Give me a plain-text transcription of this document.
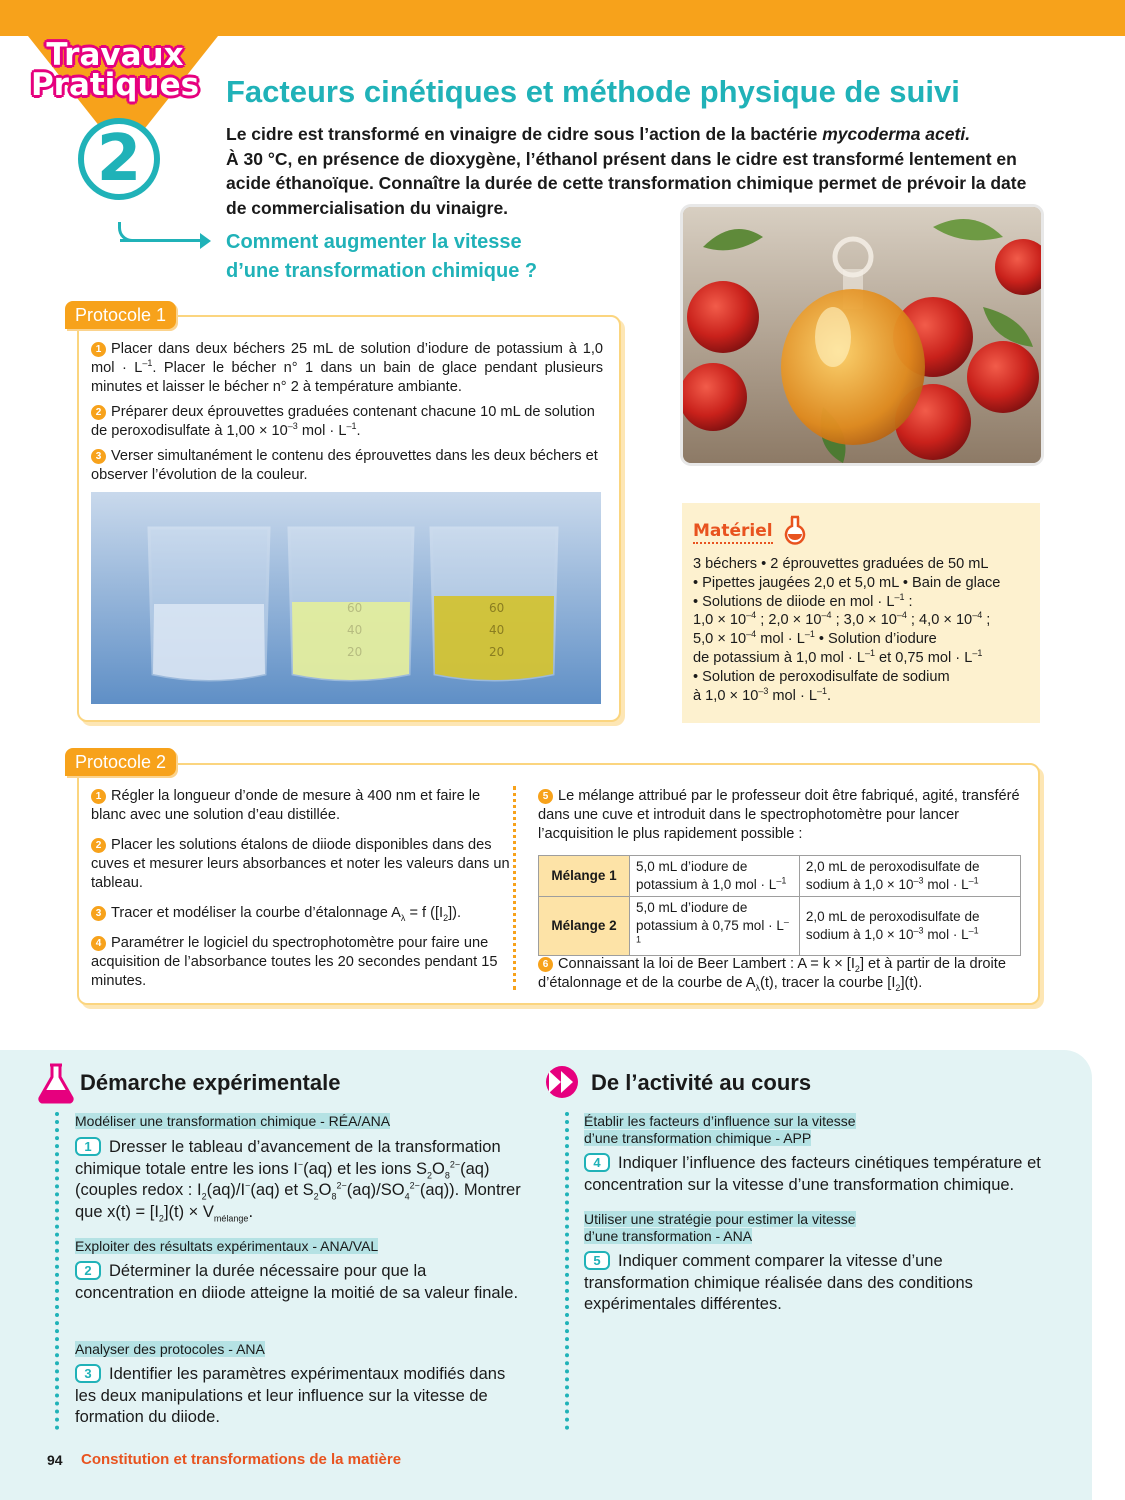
Travaux
Pratiques
2
Facteurs cinétiques et méthode physique de suivi
Le cidre est transformé en vinaigre de cidre sous l’action de la bactérie mycoderma aceti.
À 30 °C, en présence de dioxygène, l’éthanol présent dans le cidre est transformé lentement en acide éthanoïque. Connaître la durée de cette transformation chimique permet de prévoir la date de commercialisation du vinaigre.
Comment augmenter la vitesse
d’une transformation chimique ?
Protocole 1
1 Placer dans deux béchers 25 mL de solution d’iodure de potassium à 1,0 mol · $L^{-1}$. Placer le bécher n° 1 dans un bain de glace pendant plusieurs minutes et laisser le bécher n° 2 à température ambiante.
2 Préparer deux éprouvettes graduées contenant chacune 10 mL de solution de peroxodisulfate à $1,00 \times 10^{-3}$ mol · $L^{-1}$.
3 Verser simultanément le contenu des éprouvettes dans les deux béchers et observer l’évolution de la couleur.
60
40
20
60
40
20
Matériel
3 béchers • 2 éprouvettes graduées de 50 mL
• Pipettes jaugées 2,0 et 5,0 mL • Bain de glace
• Solutions de diiode en mol · $L^{-1}$ :
$1,0 \times 10^{-4}$ ; $2,0 \times 10^{-4}$ ; $3,0 \times 10^{-4}$ ; $4,0 \times 10^{-4}$ ;
$5,0 \times 10^{-4}$ mol · $L^{-1}$ • Solution d’iodure
de potassium à 1,0 mol · $L^{-1}$ et 0,75 mol · $L^{-1}$
• Solution de peroxodisulfate de sodium
à $1,0 \times 10^{-3}$ mol · $L^{-1}$.
Protocole 2
1 Régler la longueur d’onde de mesure à 400 nm et faire le blanc avec une solution d’eau distillée.
2 Placer les solutions étalons de diiode disponibles dans des cuves et mesurer leurs absorbances et noter les valeurs dans un tableau.
3 Tracer et modéliser la courbe d’étalonnage $A_\lambda = f$ $([I_2])$.
4 Paramétrer le logiciel du spectrophotomètre pour faire une acquisition de l’absorbance toutes les 20 secondes pendant 15 minutes.
5 Le mélange attribué par le professeur doit être fabriqué, agité, transféré dans une cuve et introduit dans le spectrophotomètre pour lancer l’acquisition le plus rapidement possible :
Mélange 1	5,0 mL d’iodure de potassium à 1,0 mol · $L^{-1}$	2,0 mL de peroxodisulfate de sodium à $1,0 \times 10^{-3}$ mol · $L^{-1}$
Mélange 2	5,0 mL d’iodure de potassium à 0,75 mol · $L^{-1}$	2,0 mL de peroxodisulfate de sodium à $1,0 \times 10^{-3}$ mol · $L^{-1}$
6 Connaissant la loi de Beer Lambert : $A = k \times [I_2]$ et à partir de la droite d’étalonnage et de la courbe de $A_\lambda(t)$, tracer la courbe $[I_2](t)$.
Démarche expérimentale
Modéliser une transformation chimique - RÉA/ANA
1 Dresser le tableau d’avancement de la transformation chimique totale entre les ions I−(aq) et les ions $S_2O_8^{2-}(aq)$ (couples redox : $I_2(aq)/I^-(aq)$ et $S_2O_8^{2-}(aq)/SO_4^{2-}(aq)$). Montrer que $x(t) = [I_2](t) \times V_{mélange}$.
Exploiter des résultats expérimentaux - ANA/VAL
2 Déterminer la durée nécessaire pour que la concentration en diiode atteigne la moitié de sa valeur finale.
Analyser des protocoles - ANA
3 Identifier les paramètres expérimentaux modifiés dans les deux manipulations et leur influence sur la vitesse de formation du diiode.
De l’activité au cours
Établir les facteurs d’influence sur la vitesse
d’une transformation chimique - APP
4 Indiquer l’influence des facteurs cinétiques température et concentration sur la vitesse d’une transformation chimique.
Utiliser une stratégie pour estimer la vitesse
d’une transformation - ANA
5 Indiquer comment comparer la vitesse d’une transformation chimique réalisée dans des conditions expérimentales différentes.
94 Constitution et transformations de la matière
